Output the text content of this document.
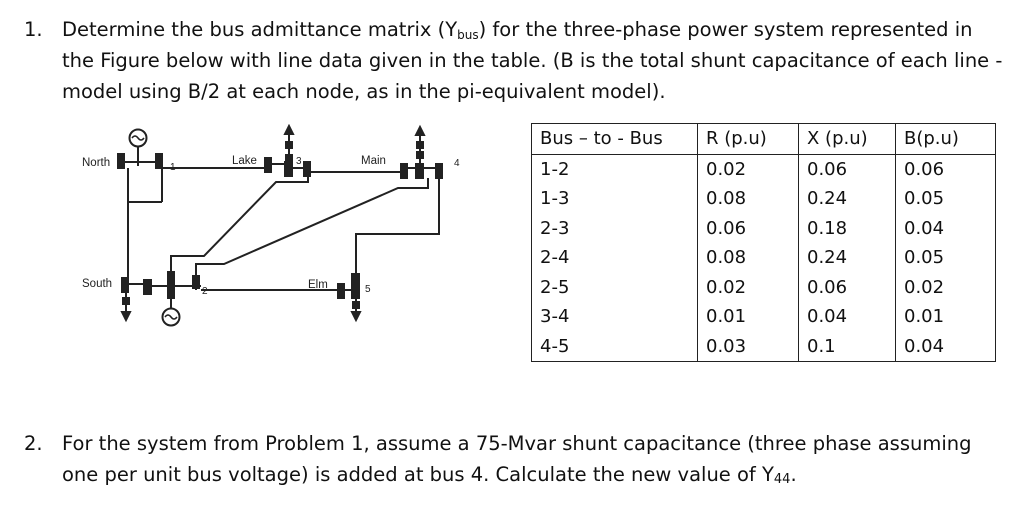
1. Determine the bus admittance matrix $(Y_{bus})$ for the three-phase power system represented in
the Figure below with line data given in the table. (B is the total shunt capacitance of each line -
model using B/2 at each node, as in the pi-equivalent model).
North	1
Lake	3	Main	4
South
2
Elm	5
Bus – to - Bus	R (p.u)	X (p.u)	B(p.u)
1-2	0.02	0.06	0.06
1-3	0.08	0.24	0.05
2-3	0.06	0.18	0.04
2-4	0.08	0.24	0.05
2-5	0.02	0.06	0.02
3-4	0.01	0.04	0.01
4-5	0.03	0.1	0.04
2. For the system from Problem 1, assume a 75-Mvar shunt capacitance (three phase assuming
one per unit bus voltage) is added at bus 4. Calculate the new value of Y44.
